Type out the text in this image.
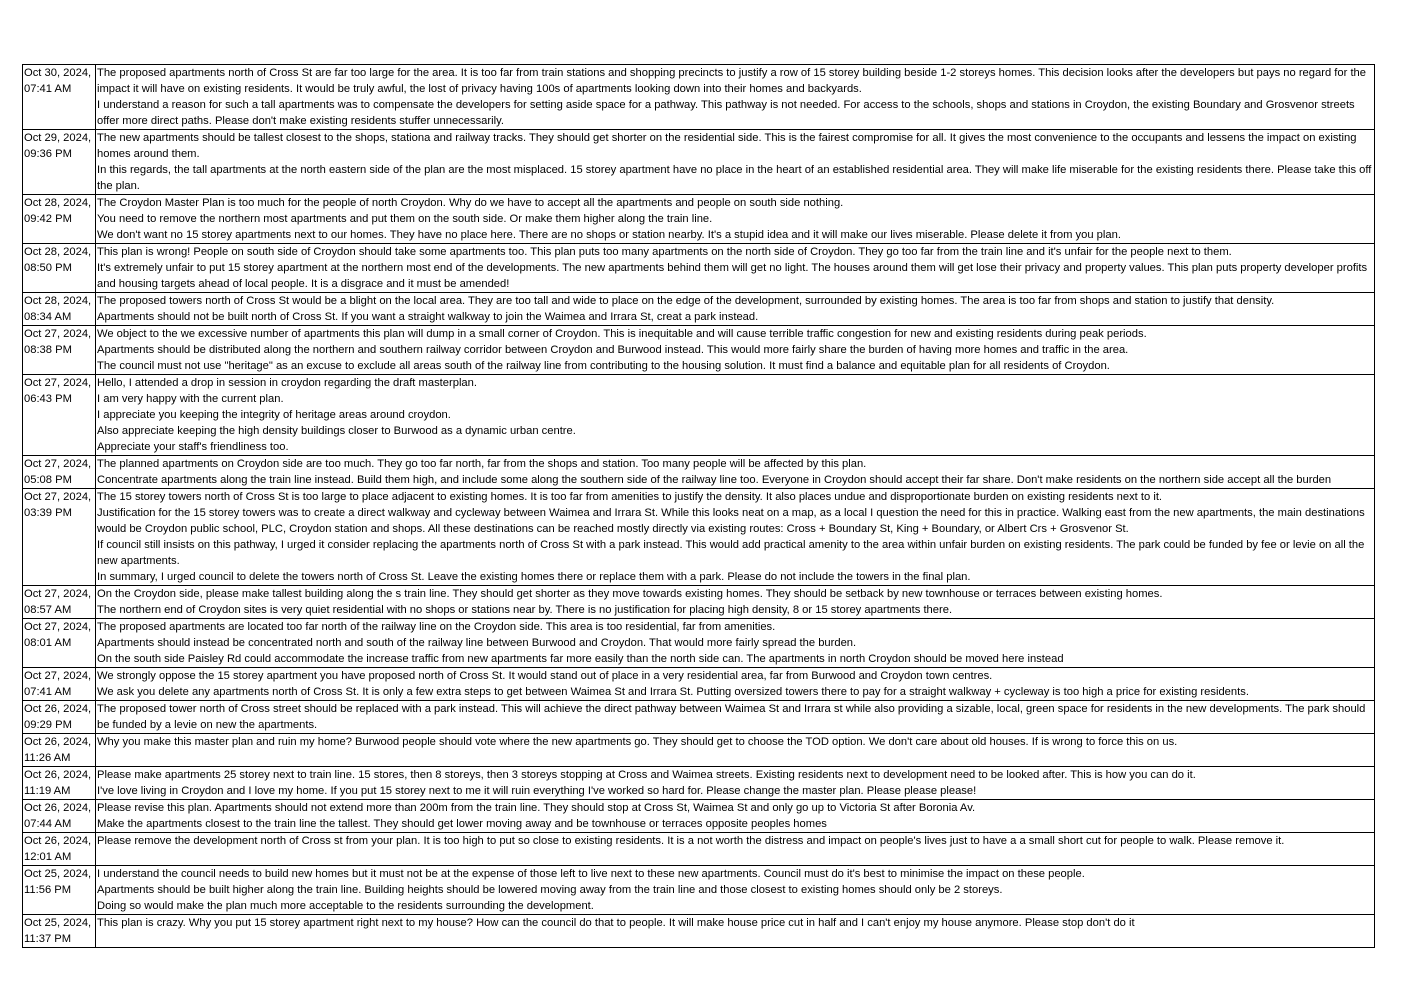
Oct 30, 2024,
07:41 AM	The proposed apartments north of Cross St are far too large for the area. It is too far from train stations and shopping precincts to justify a row of 15 storey building beside 1-2 storeys homes. This decision looks after the developers but pays no regard for the impact it will have on existing residents. It would be truly awful, the lost of privacy having 100s of apartments looking down into their homes and backyards.
I understand a reason for such a tall apartments was to compensate the developers for setting aside space for a pathway. This pathway is not needed. For access to the schools, shops and stations in Croydon, the existing Boundary and Grosvenor streets offer more direct paths. Please don't make existing residents stuffer unnecessarily.

Oct 29, 2024,
09:36 PM	The new apartments should be tallest closest to the shops, stationa and railway tracks. They should get shorter on the residential side. This is the fairest compromise for all. It gives the most convenience to the occupants and lessens the impact on existing homes around them.
In this regards, the tall apartments at the north eastern side of the plan are the most misplaced. 15 storey apartment have no place in the heart of an established residential area. They will make life miserable for the existing residents there. Please take this off the plan.

Oct 28, 2024,
09:42 PM	The Croydon Master Plan is too much for the people of north Croydon. Why do we have to accept all the apartments and people on south side nothing.
You need to remove the northern most apartments and put them on the south side. Or make them higher along the train line.
We don't want no 15 storey apartments next to our homes. They have no place here. There are no shops or station nearby. It's a stupid idea and it will make our lives miserable. Please delete it from you plan.

Oct 28, 2024,
08:50 PM	This plan is wrong! People on south side of Croydon should take some apartments too. This plan puts too many apartments on the north side of Croydon. They go too far from the train line and it's unfair for the people next to them.
It's extremely unfair to put 15 storey apartment at the northern most end of the developments. The new apartments behind them will get no light. The houses around them will get lose their privacy and property values. This plan puts property developer profits and housing targets ahead of local people. It is a disgrace and it must be amended!

Oct 28, 2024,
08:34 AM	The proposed towers north of Cross St would be a blight on the local area. They are too tall and wide to place on the edge of the development, surrounded by existing homes. The area is too far from shops and station to justify that density.
Apartments should not be built north of Cross St. If you want a straight walkway to join the Waimea and Irrara St, creat a park instead.

Oct 27, 2024,
08:38 PM	We object to the we excessive number of apartments this plan will dump in a small corner of Croydon. This is inequitable and will cause terrible traffic congestion for new and existing residents during peak periods.
Apartments should be distributed along the northern and southern railway corridor between Croydon and Burwood instead. This would more fairly share the burden of having more homes and traffic in the area.
The council must not use "heritage" as an excuse to exclude all areas south of the railway line from contributing to the housing solution. It must find a balance and equitable plan for all residents of Croydon.

Oct 27, 2024,
06:43 PM	Hello, I attended a drop in session in croydon regarding the draft masterplan.
I am very happy with the current plan.
I appreciate you keeping the integrity of heritage areas around croydon.
Also appreciate keeping the high density buildings closer to Burwood as a dynamic urban centre.
Appreciate your staff's friendliness too.

Oct 27, 2024,
05:08 PM	The planned apartments on Croydon side are too much. They go too far north, far from the shops and station. Too many people will be affected by this plan.
Concentrate apartments along the train line instead. Build them high, and include some along the southern side of the railway line too. Everyone in Croydon should accept their far share. Don't make residents on the northern side accept all the burden

Oct 27, 2024,
03:39 PM	The 15 storey towers north of Cross St is too large to place adjacent to existing homes. It is too far from amenities to justify the density. It also places undue and disproportionate burden on existing residents next to it.
Justification for the 15 storey towers was to create a direct walkway and cycleway between Waimea and Irrara St. While this looks neat on a map, as a local I question the need for this in practice. Walking east from the new apartments, the main destinations would be Croydon public school, PLC, Croydon station and shops. All these destinations can be reached mostly directly via existing routes: Cross + Boundary St, King + Boundary, or Albert Crs + Grosvenor St.
If council still insists on this pathway, I urged it consider replacing the apartments north of Cross St with a park instead. This would add practical amenity to the area within unfair burden on existing residents. The park could be funded by fee or levie on all the new apartments.
In summary, I urged council to delete the towers north of Cross St. Leave the existing homes there or replace them with a park. Please do not include the towers in the final plan.

Oct 27, 2024,
08:57 AM	On the Croydon side, please make tallest building along the s train line. They should get shorter as they move towards existing homes. They should be setback by new townhouse or terraces between existing homes.
The northern end of Croydon sites is very quiet residential with no shops or stations near by. There is no justification for placing high density, 8 or 15 storey apartments there.

Oct 27, 2024,
08:01 AM	The proposed apartments are located too far north of the railway line on the Croydon side. This area is too residential, far from amenities.
Apartments should instead be concentrated north and south of the railway line between Burwood and Croydon. That would more fairly spread the burden.
On the south side Paisley Rd could accommodate the increase traffic from new apartments far more easily than the north side can. The apartments in north Croydon should be moved here instead

Oct 27, 2024,
07:41 AM	We strongly oppose the 15 storey apartment you have proposed north of Cross St. It would stand out of place in a very residential area, far from Burwood and Croydon town centres.
We ask you delete any apartments north of Cross St. It is only a few extra steps to get between Waimea St and Irrara St. Putting oversized towers there to pay for a straight walkway + cycleway is too high a price for existing residents.

Oct 26, 2024,
09:29 PM	The proposed tower north of Cross street should be replaced with a park instead. This will achieve the direct pathway between Waimea St and Irrara st while also providing a sizable, local, green space for residents in the new developments. The park should be funded by a levie on new the apartments.

Oct 26, 2024,
11:26 AM	Why you make this master plan and ruin my home? Burwood people should vote where the new apartments go. They should get to choose the TOD option. We don't care about old houses. If is wrong to force this on us.

Oct 26, 2024,
11:19 AM	Please make apartments 25 storey next to train line. 15 stores, then 8 storeys, then 3 storeys stopping at Cross and Waimea streets. Existing residents next to development need to be looked after. This is how you can do it.
I've love living in Croydon and I love my home. If you put 15 storey next to me it will ruin everything I've worked so hard for. Please change the master plan. Please please please!

Oct 26, 2024,
07:44 AM	Please revise this plan. Apartments should not extend more than 200m from the train line. They should stop at Cross St, Waimea St and only go up to Victoria St after Boronia Av.
Make the apartments closest to the train line the tallest. They should get lower moving away and be townhouse or terraces opposite peoples homes

Oct 26, 2024,
12:01 AM	Please remove the development north of Cross st from your plan. It is too high to put so close to existing residents. It is a not worth the distress and impact on people's lives just to have a a small short cut for people to walk. Please remove it.

Oct 25, 2024,
11:56 PM	I understand the council needs to build new homes but it must not be at the expense of those left to live next to these new apartments. Council must do it's best to minimise the impact on these people.
Apartments should be built higher along the train line. Building heights should be lowered moving away from the train line and those closest to existing homes should only be 2 storeys.
Doing so would make the plan much more acceptable to the residents surrounding the development.

Oct 25, 2024,
11:37 PM	This plan is crazy. Why you put 15 storey apartment right next to my house? How can the council do that to people. It will make house price cut in half and I can't enjoy my house anymore. Please stop don't do it
